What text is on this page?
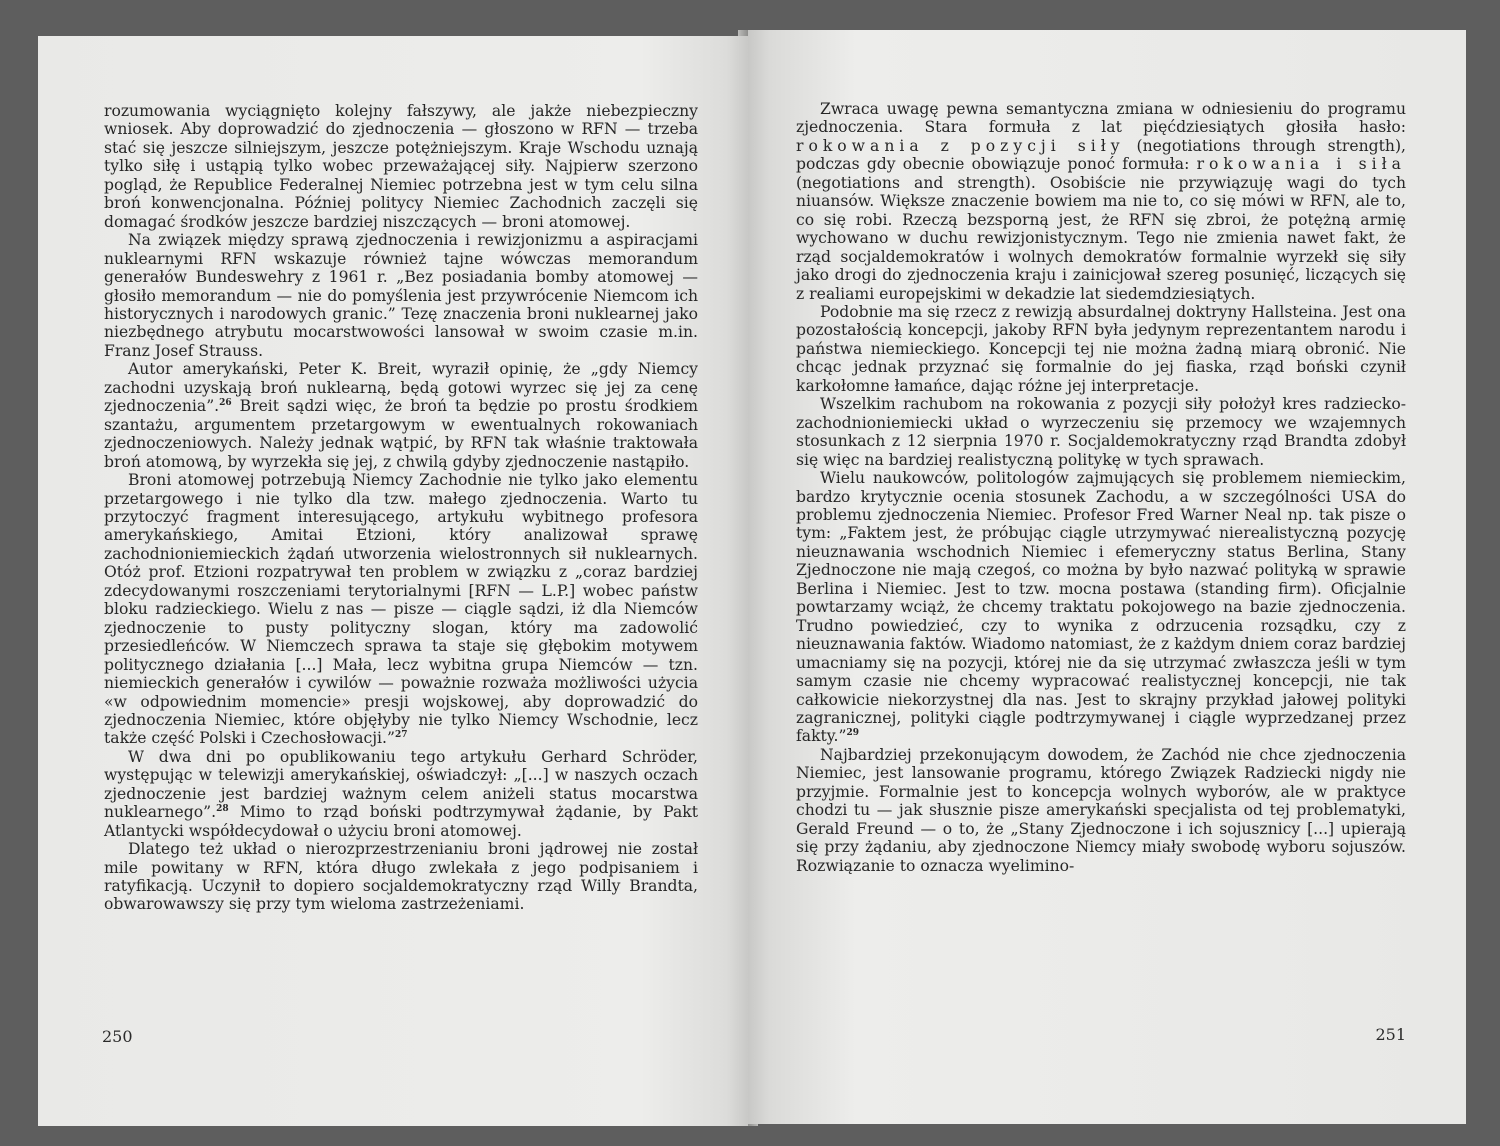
rozumowania wyciągnięto kolejny fałszywy, ale jakże niebezpieczny wniosek. Aby doprowadzić do zjednoczenia — głoszono w RFN — trzeba stać się jeszcze silniejszym, jeszcze potężniejszym. Kraje Wschodu uznają tylko siłę i ustąpią tylko wobec przeważającej siły. Najpierw szerzono pogląd, że Republice Federalnej Niemiec potrzebna jest w tym celu silna broń konwencjonalna. Później politycy Niemiec Zachodnich zaczęli się domagać środków jeszcze bardziej niszczących — broni atomowej.

Na związek między sprawą zjednoczenia i rewizjonizmu a aspiracjami nuklearnymi RFN wskazuje również tajne wówczas memorandum generałów Bundeswehry z 1961 r. „Bez posiadania bomby atomowej — głosiło memorandum — nie do pomyślenia jest przywrócenie Niemcom ich historycznych i narodowych granic.” Tezę znaczenia broni nuklearnej jako niezbędnego atrybutu mocarstwowości lansował w swoim czasie m.in. Franz Josef Strauss.

Autor amerykański, Peter K. Breit, wyraził opinię, że „gdy Niemcy zachodni uzyskają broń nuklearną, będą gotowi wyrzec się jej za cenę zjednoczenia”.$^{26}$ Breit sądzi więc, że broń ta będzie po prostu środkiem szantażu, argumentem przetargowym w ewentualnych rokowaniach zjednoczeniowych. Należy jednak wątpić, by RFN tak właśnie traktowała broń atomową, by wyrzekła się jej, z chwilą gdyby zjednoczenie nastąpiło.

Broni atomowej potrzebują Niemcy Zachodnie nie tylko jako elementu przetargowego i nie tylko dla tzw. małego zjednoczenia. Warto tu przytoczyć fragment interesującego, artykułu wybitnego profesora amerykańskiego, Amitai Etzioni, który analizował sprawę zachodnioniemieckich żądań utworzenia wielostronnych sił nuklearnych. Otóż prof. Etzioni rozpatrywał ten problem w związku z „coraz bardziej zdecydowanymi roszczeniami terytorialnymi [RFN — L.P.] wobec państw bloku radzieckiego. Wielu z nas — pisze — ciągle sądzi, iż dla Niemców zjednoczenie to pusty polityczny slogan, który ma zadowolić przesiedleńców. W Niemczech sprawa ta staje się głębokim motywem politycznego działania [...] Mała, lecz wybitna grupa Niemców — tzn. niemieckich generałów i cywilów — poważnie rozważa możliwości użycia «w odpowiednim momencie» presji wojskowej, aby doprowadzić do zjednoczenia Niemiec, które objęłyby nie tylko Niemcy Wschodnie, lecz także część Polski i Czechosłowacji.”$^{27}$

W dwa dni po opublikowaniu tego artykułu Gerhard Schröder, występując w telewizji amerykańskiej, oświadczył: „[...] w naszych oczach zjednoczenie jest bardziej ważnym celem aniżeli status mocarstwa nuklearnego”.$^{28}$ Mimo to rząd boński podtrzymywał żądanie, by Pakt Atlantycki współdecydował o użyciu broni atomowej.

Dlatego też układ o nierozprzestrzenianiu broni jądrowej nie został mile powitany w RFN, która długo zwlekała z jego podpisaniem i ratyfikacją. Uczynił to dopiero socjaldemokratyczny rząd Willy Brandta, obwarowawszy się przy tym wieloma zastrzeżeniami.

250

Zwraca uwagę pewna semantyczna zmiana w odniesieniu do programu zjednoczenia. Stara formuła z lat pięćdziesiątych głosiła hasło: rokowania z pozycji siły (negotiations through strength), podczas gdy obecnie obowiązuje ponoć formuła: rokowania i siła (negotiations and strength). Osobiście nie przywiązuję wagi do tych niuansów. Większe znaczenie bowiem ma nie to, co się mówi w RFN, ale to, co się robi. Rzeczą bezsporną jest, że RFN się zbroi, że potężną armię wychowano w duchu rewizjonistycznym. Tego nie zmienia nawet fakt, że rząd socjaldemokratów i wolnych demokratów formalnie wyrzekł się siły jako drogi do zjednoczenia kraju i zainicjował szereg posunięć, liczących się z realiami europejskimi w dekadzie lat siedemdziesiątych.

Podobnie ma się rzecz z rewizją absurdalnej doktryny Hallsteina. Jest ona pozostałością koncepcji, jakoby RFN była jedynym reprezentantem narodu i państwa niemieckiego. Koncepcji tej nie można żadną miarą obronić. Nie chcąc jednak przyznać się formalnie do jej fiaska, rząd boński czynił karkołomne łamańce, dając różne jej interpretacje.

Wszelkim rachubom na rokowania z pozycji siły położył kres radziecko-zachodnioniemiecki układ o wyrzeczeniu się przemocy we wzajemnych stosunkach z 12 sierpnia 1970 r. Socjaldemokratyczny rząd Brandta zdobył się więc na bardziej realistyczną politykę w tych sprawach.

Wielu naukowców, politologów zajmujących się problemem niemieckim, bardzo krytycznie ocenia stosunek Zachodu, a w szczególności USA do problemu zjednoczenia Niemiec. Profesor Fred Warner Neal np. tak pisze o tym: „Faktem jest, że próbując ciągle utrzymywać nierealistyczną pozycję nieuznawania wschodnich Niemiec i efemeryczny status Berlina, Stany Zjednoczone nie mają czegoś, co można by było nazwać polityką w sprawie Berlina i Niemiec. Jest to tzw. mocna postawa (standing firm). Oficjalnie powtarzamy wciąż, że chcemy traktatu pokojowego na bazie zjednoczenia. Trudno powiedzieć, czy to wynika z odrzucenia rozsądku, czy z nieuznawania faktów. Wiadomo natomiast, że z każdym dniem coraz bardziej umacniamy się na pozycji, której nie da się utrzymać zwłaszcza jeśli w tym samym czasie nie chcemy wypracować realistycznej koncepcji, nie tak całkowicie niekorzystnej dla nas. Jest to skrajny przykład jałowej polityki zagranicznej, polityki ciągle podtrzymywanej i ciągle wyprzedzanej przez fakty.”$^{29}$

Najbardziej przekonującym dowodem, że Zachód nie chce zjednoczenia Niemiec, jest lansowanie programu, którego Związek Radziecki nigdy nie przyjmie. Formalnie jest to koncepcja wolnych wyborów, ale w praktyce chodzi tu — jak słusznie pisze amerykański specjalista od tej problematyki, Gerald Freund — o to, że „Stany Zjednoczone i ich sojusznicy [...] upierają się przy żądaniu, aby zjednoczone Niemcy miały swobodę wyboru sojuszów. Rozwiązanie to oznacza wyelimino-

251
